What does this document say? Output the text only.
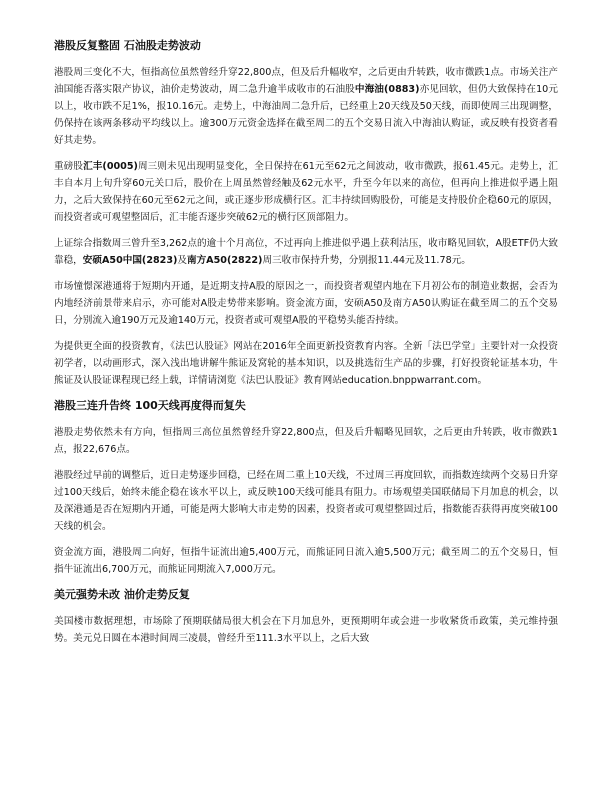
港股反复整固 石油股走势波动

港股周三变化不大，恒指高位虽然曾经升穿22,800点，但及后升幅收窄，之后更由升转跌，收市微跌1点。市场关注产油国能否落实限产协议，油价走势波动，周二急升逾半成收市的石油股中海油(0883)亦见回软，但仍大致保持在10元以上，收市跌不足1%，报10.16元。走势上，中海油周二急升后，已经重上20天线及50天线，而即使周三出现调整，仍保持在该两条移动平均线以上。逾300万元资金选择在截至周二的五个交易日流入中海油认购证，或反映有投资者看好其走势。

重磅股汇丰(0005)周三则未见出现明显变化，全日保持在61元至62元之间波动，收市微跌，报61.45元。走势上，汇丰自本月上旬升穿60元关口后，股价在上周虽然曾经触及62元水平，升至今年以来的高位，但再向上推进似乎遇上阻力，之后大致保持在60元至62元之间，或正逐步形成横行区。汇丰持续回购股份，可能是支持股价企稳60元的原因，而投资者或可观望整固后，汇丰能否逐步突破62元的横行区顶部阻力。

上证综合指数周三曾升至3,262点的逾十个月高位，不过再向上推进似乎遇上获利沽压，收市略见回软，A股ETF仍大致靠稳，安硕A50中国(2823)及南方A50(2822)周三收市保持升势，分别报11.44元及11.78元。

市场憧憬深港通将于短期内开通，是近期支持A股的原因之一，而投资者观望内地在下月初公布的制造业数据，会否为内地经济前景带来启示，亦可能对A股走势带来影响。资金流方面，安硕A50及南方A50认购证在截至周二的五个交易日，分别流入逾190万元及逾140万元，投资者或可观望A股的平稳势头能否持续。

为提供更全面的投资教育，《法巴认股证》网站在2016年全面更新投资教育内容。全新「法巴学堂」主要针对一众投资初学者，以动画形式，深入浅出地讲解牛熊证及窝轮的基本知识，以及挑选衍生产品的步骤，打好投资轮证基本功，牛熊证及认股证课程现已经上载，详情请浏览《法巴认股证》教育网站education.bnppwarrant.com。

港股三连升告终 100天线再度得而复失

港股走势依然未有方向，恒指周三高位虽然曾经升穿22,800点，但及后升幅略见回软，之后更由升转跌，收市微跌1点，报22,676点。

港股经过早前的调整后，近日走势逐步回稳，已经在周二重上10天线，不过周三再度回软，而指数连续两个交易日升穿过100天线后，始终未能企稳在该水平以上，或反映100天线可能具有阻力。市场观望美国联储局下月加息的机会，以及深港通是否在短期内开通，可能是两大影响大市走势的因素，投资者或可观望整固过后，指数能否获得再度突破100天线的机会。

资金流方面，港股周二向好，恒指牛证流出逾5,400万元，而熊证同日流入逾5,500万元；截至周二的五个交易日，恒指牛证流出6,700万元，而熊证同期流入7,000万元。

美元强势未改 油价走势反复

美国楼市数据理想，市场除了预期联储局很大机会在下月加息外，更预期明年或会进一步收紧货币政策，美元维持强势。美元兑日圆在本港时间周三凌晨，曾经升至111.3水平以上，之后大致
